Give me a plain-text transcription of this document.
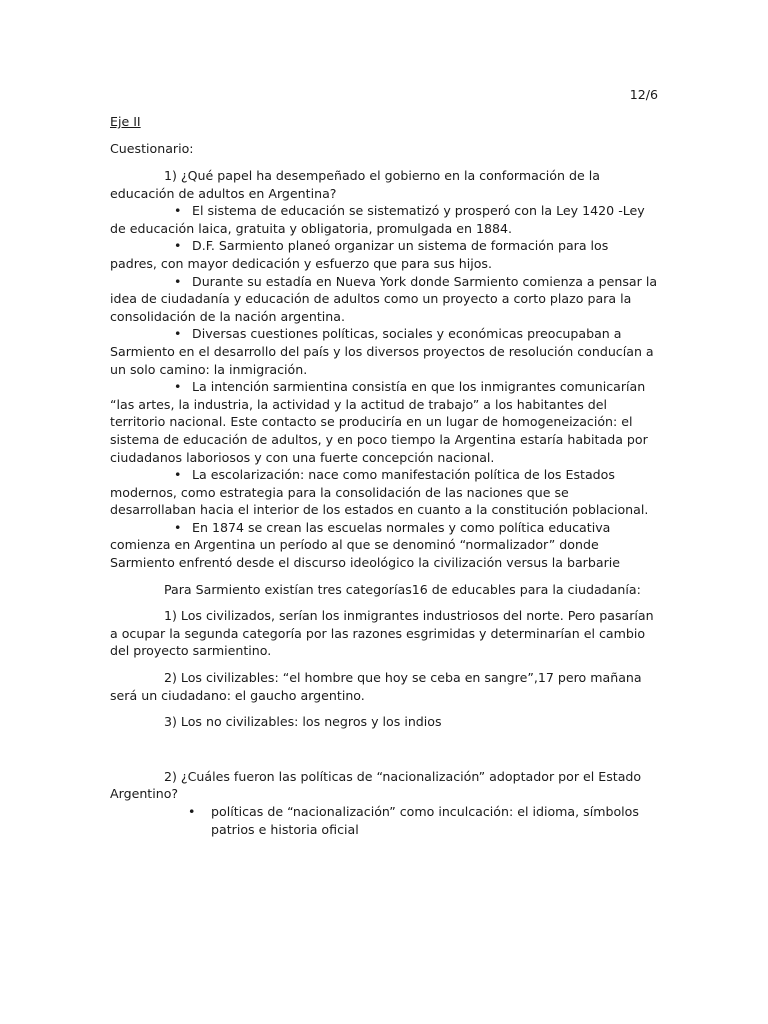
12/6
Eje II
Cuestionario:

1) ¿Qué papel ha desempeñado el gobierno en la conformación de la educación de adultos en Argentina?

• El sistema de educación se sistematizó y prosperó con la Ley 1420 -Ley de educación laica, gratuita y obligatoria, promulgada en 1884.

• D.F. Sarmiento planeó organizar un sistema de formación para los padres, con mayor dedicación y esfuerzo que para sus hijos.

• Durante su estadía en Nueva York donde Sarmiento comienza a pensar la idea de ciudadanía y educación de adultos como un proyecto a corto plazo para la consolidación de la nación argentina.

• Diversas cuestiones políticas, sociales y económicas preocupaban a Sarmiento en el desarrollo del país y los diversos proyectos de resolución conducían a un solo camino: la inmigración.

• La intención sarmientina consistía en que los inmigrantes comunicarían “las artes, la industria, la actividad y la actitud de trabajo” a los habitantes del territorio nacional. Este contacto se produciría en un lugar de homogeneización: el sistema de educación de adultos, y en poco tiempo la Argentina estaría habitada por ciudadanos laboriosos y con una fuerte concepción nacional.

• La escolarización: nace como manifestación política de los Estados modernos, como estrategia para la consolidación de las naciones que se desarrollaban hacia el interior de los estados en cuanto a la constitución poblacional.

• En 1874 se crean las escuelas normales y como política educativa comienza en Argentina un período al que se denominó “normalizador” donde Sarmiento enfrentó desde el discurso ideológico la civilización versus la barbarie

Para Sarmiento existían tres categorías16 de educables para la ciudadanía:

1) Los civilizados, serían los inmigrantes industriosos del norte. Pero pasarían a ocupar la segunda categoría por las razones esgrimidas y determinarían el cambio del proyecto sarmientino.

2) Los civilizables: “el hombre que hoy se ceba en sangre”,17 pero mañana será un ciudadano: el gaucho argentino.

3) Los no civilizables: los negros y los indios

2) ¿Cuáles fueron las políticas de “nacionalización” adoptador por el Estado Argentino?

• políticas de “nacionalización” como inculcación: el idioma, símbolos patrios e historia oficial
